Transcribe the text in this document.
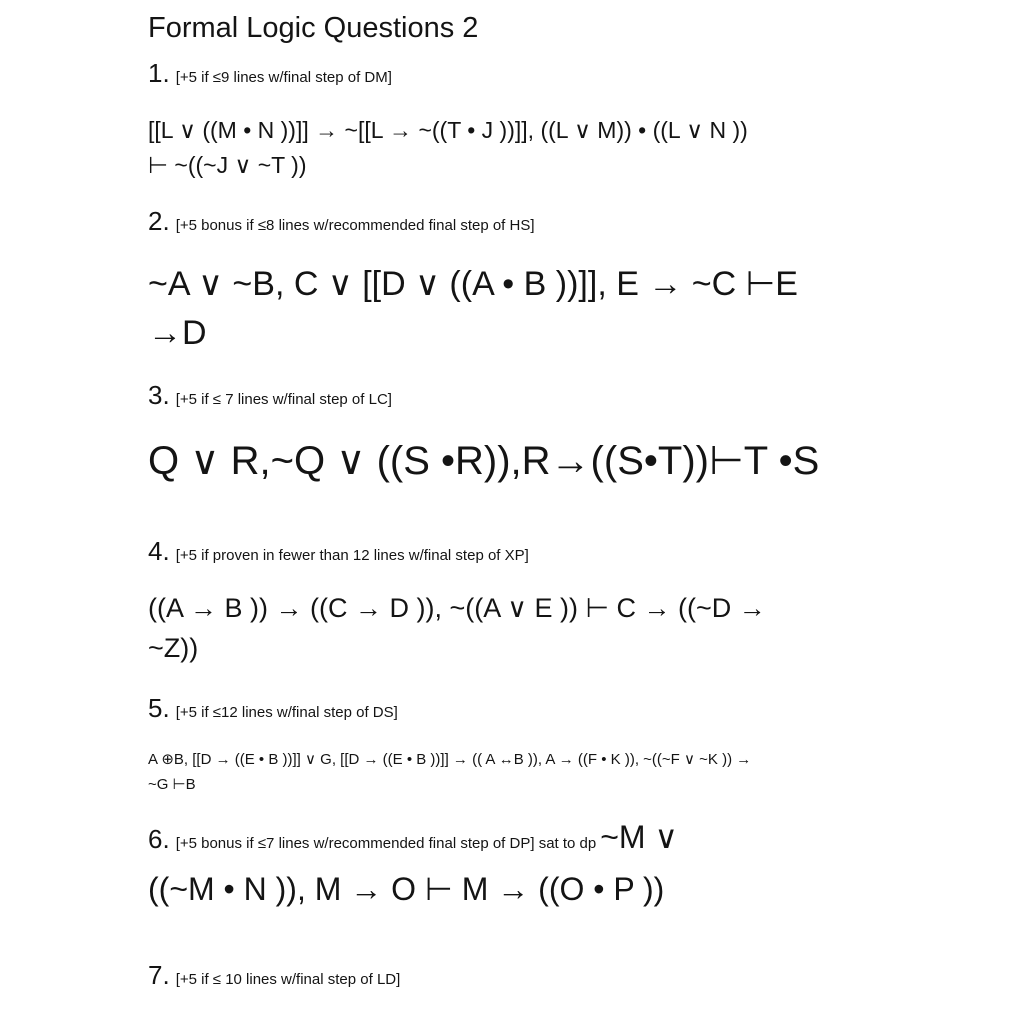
Formal Logic Questions 2
1. [+5 if ≤9 lines w/final step of DM]
[[L ∨ ((M • N ))]] → ~[[L → ~((T • J ))]], ((L ∨ M)) • ((L ∨ N ))
⊢ ~((~J ∨ ~T ))
2. [+5 bonus if ≤8 lines w/recommended final step of HS]
~A ∨ ~B, C ∨ [[D ∨ ((A • B ))]], E → ~C ⊢E
→D
3. [+5 if ≤ 7 lines w/final step of LC]
Q ∨ R,~Q ∨ ((S •R)),R→((S•T))⊢T •S
4. [+5 if proven in fewer than 12 lines w/final step of XP]
((A → B )) → ((C → D )), ~((A ∨ E )) ⊢ C → ((~D →
~Z))
5. [+5 if ≤12 lines w/final step of DS]
A ⊕B, [[D → ((E • B ))]] ∨ G, [[D → ((E • B ))]] → (( A ↔B )), A → ((F • K )), ~((~F ∨ ~K )) →
~G ⊢B
6. [+5 bonus if ≤7 lines w/recommended final step of DP] sat to dp ~M ∨
((~M • N )), M → O ⊢ M → ((O • P ))
7. [+5 if ≤ 10 lines w/final step of LD]
